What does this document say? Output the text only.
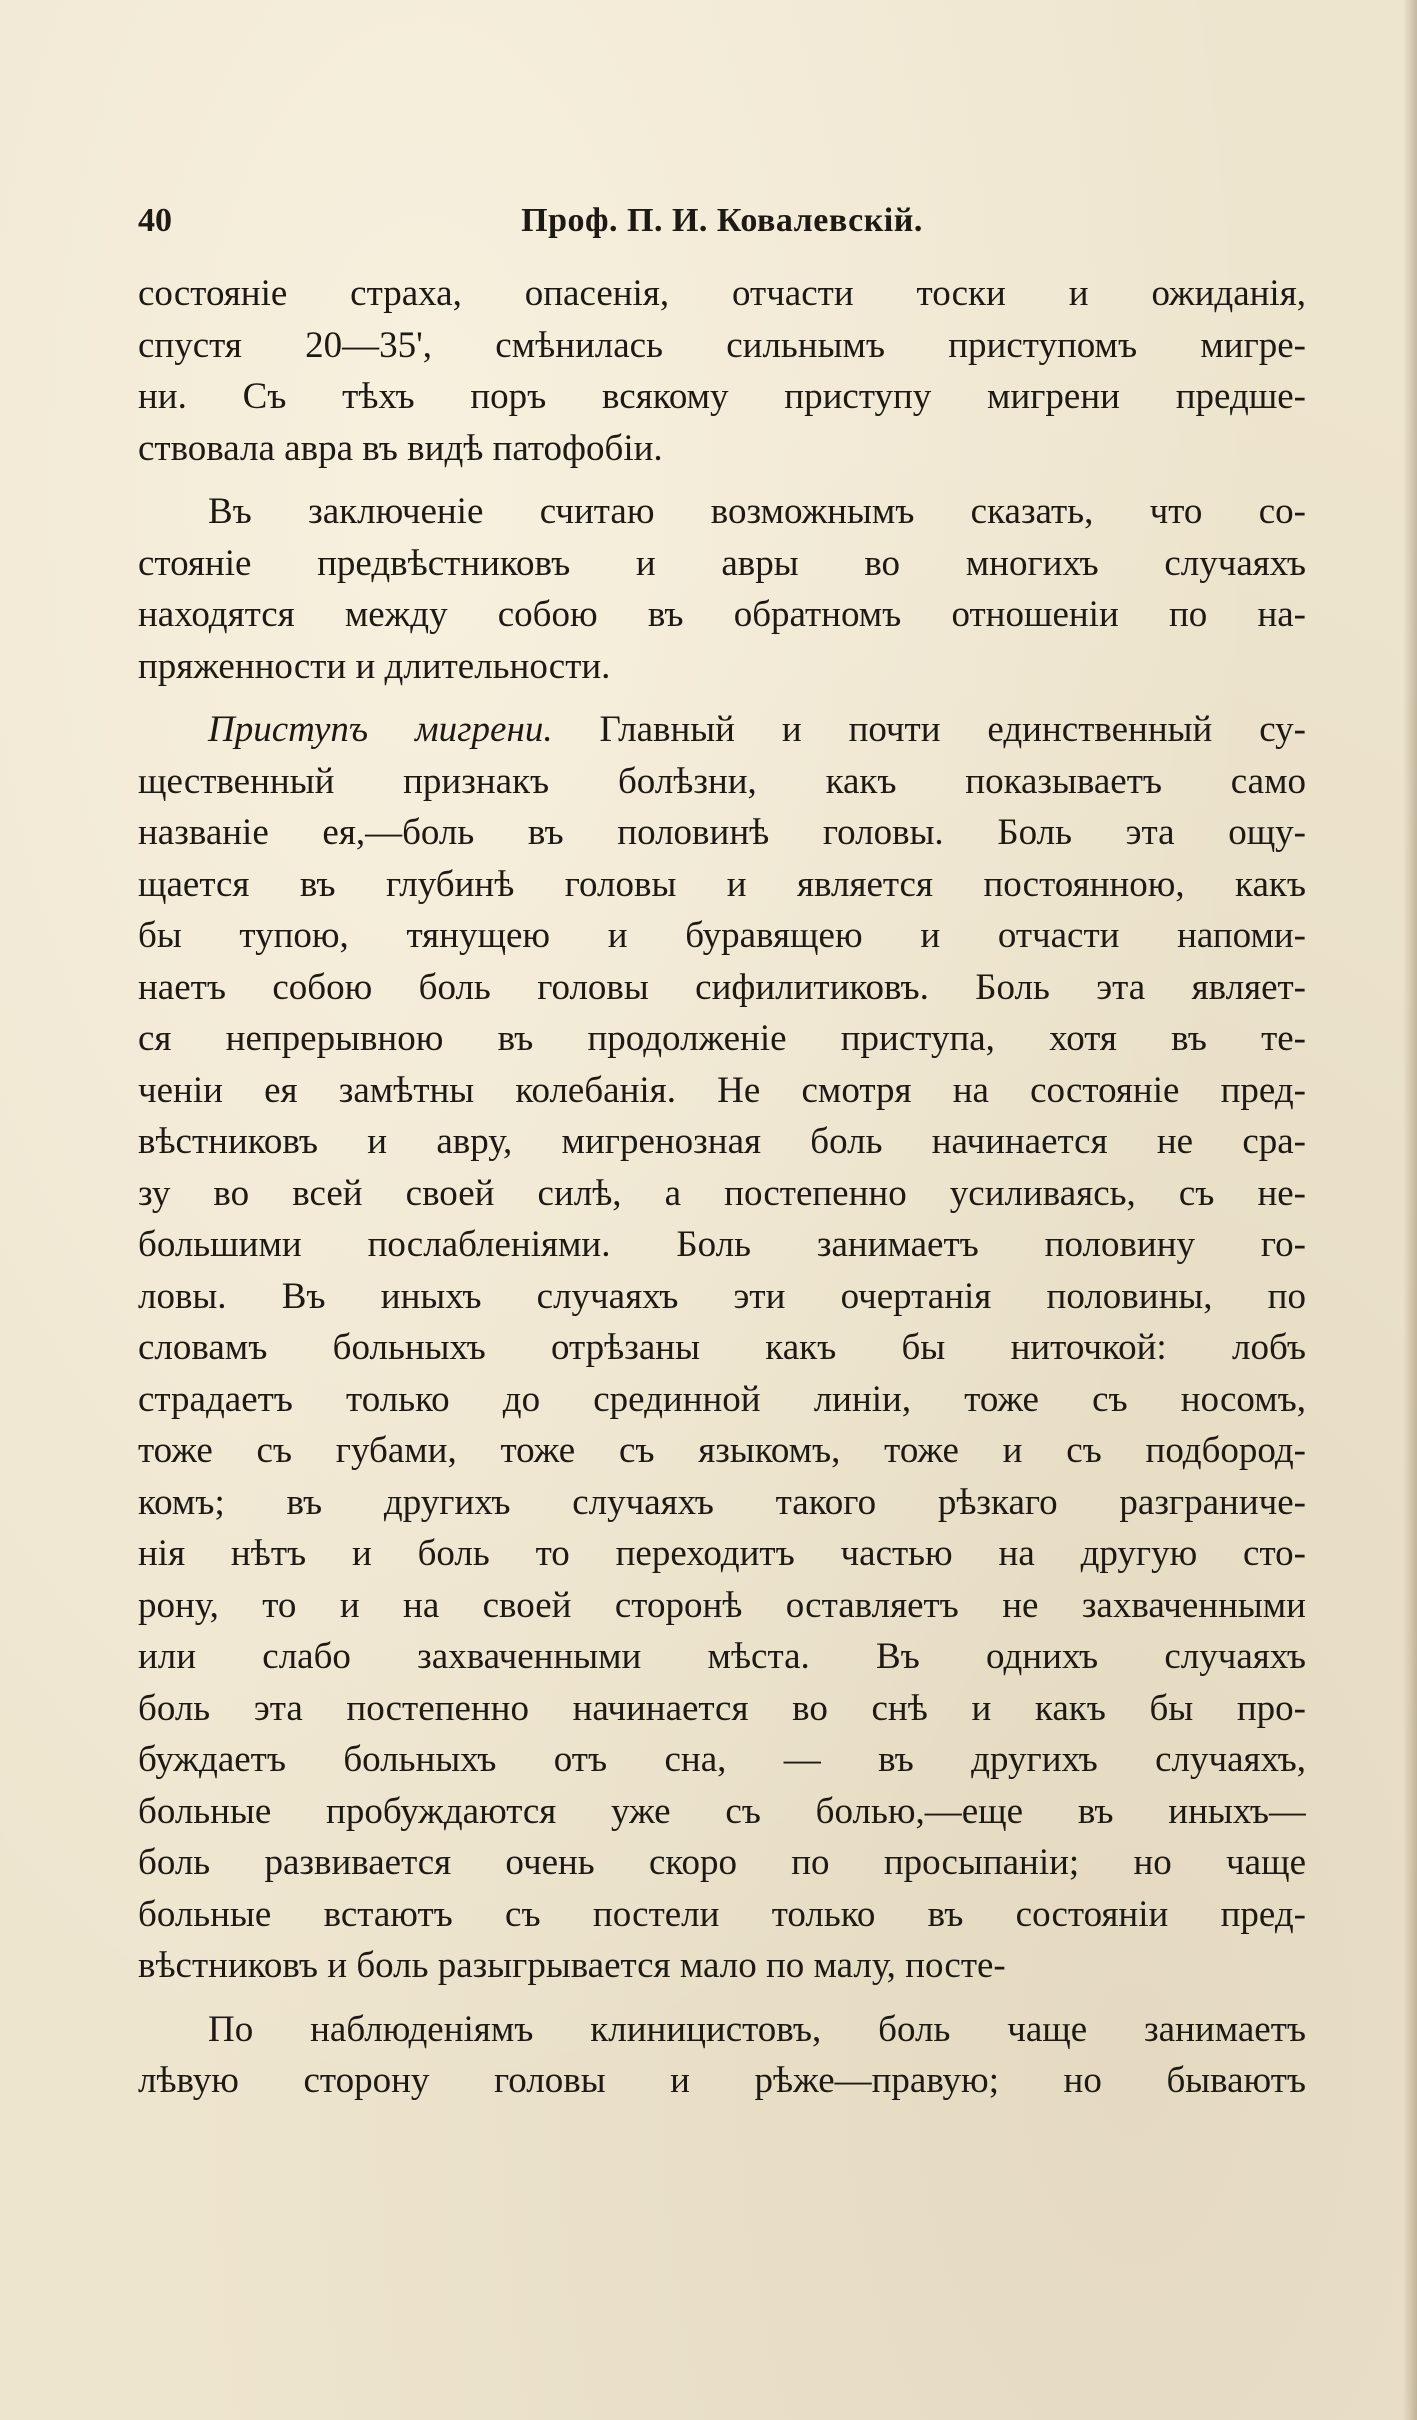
40	Проф. П. И. Ковалевскій.
состояніе страха, опасенія, отчасти тоски и ожиданія,
спустя 20—35', смѣнилась сильнымъ приступомъ мигре-
ни. Съ тѣхъ поръ всякому приступу мигрени предше-
ствовала авра въ видѣ патофобіи.
Въ заключеніе считаю возможнымъ сказать, что со-
стояніе предвѣстниковъ и авры во многихъ случаяхъ
находятся между собою въ обратномъ отношеніи по на-
пряженности и длительности.
Приступъ мигрени. Главный и почти единственный су-
щественный признакъ болѣзни, какъ показываетъ само
названіе ея,—боль въ половинѣ головы. Боль эта ощу-
щается въ глубинѣ головы и является постоянною, какъ
бы тупою, тянущею и буравящею и отчасти напоми-
наетъ собою боль головы сифилитиковъ. Боль эта являет-
ся непрерывною въ продолженіе приступа, хотя въ те-
ченіи ея замѣтны колебанія. Не смотря на состояніе пред-
вѣстниковъ и авру, мигренозная боль начинается не сра-
зу во всей своей силѣ, а постепенно усиливаясь, съ не-
большими послабленіями. Боль занимаетъ половину го-
ловы. Въ иныхъ случаяхъ эти очертанія половины, по
словамъ больныхъ отрѣзаны какъ бы ниточкой: лобъ
страдаетъ только до срединной линіи, тоже съ носомъ,
тоже съ губами, тоже съ языкомъ, тоже и съ подбород-
комъ; въ другихъ случаяхъ такого рѣзкаго разграниче-
нія нѣтъ и боль то переходитъ частью на другую сто-
рону, то и на своей сторонѣ оставляетъ не захваченными
или слабо захваченными мѣста. Въ однихъ случаяхъ
боль эта постепенно начинается во снѣ и какъ бы про-
буждаетъ больныхъ отъ сна, — въ другихъ случаяхъ,
больные пробуждаются уже съ болью,—еще въ иныхъ—
боль развивается очень скоро по просыпаніи; но чаще
больные встаютъ съ постели только въ состояніи пред-
вѣстниковъ и боль разыгрывается мало по малу, посте-
По наблюденіямъ клиницистовъ, боль чаще занимаетъ
лѣвую сторону головы и рѣже—правую; но бываютъ
